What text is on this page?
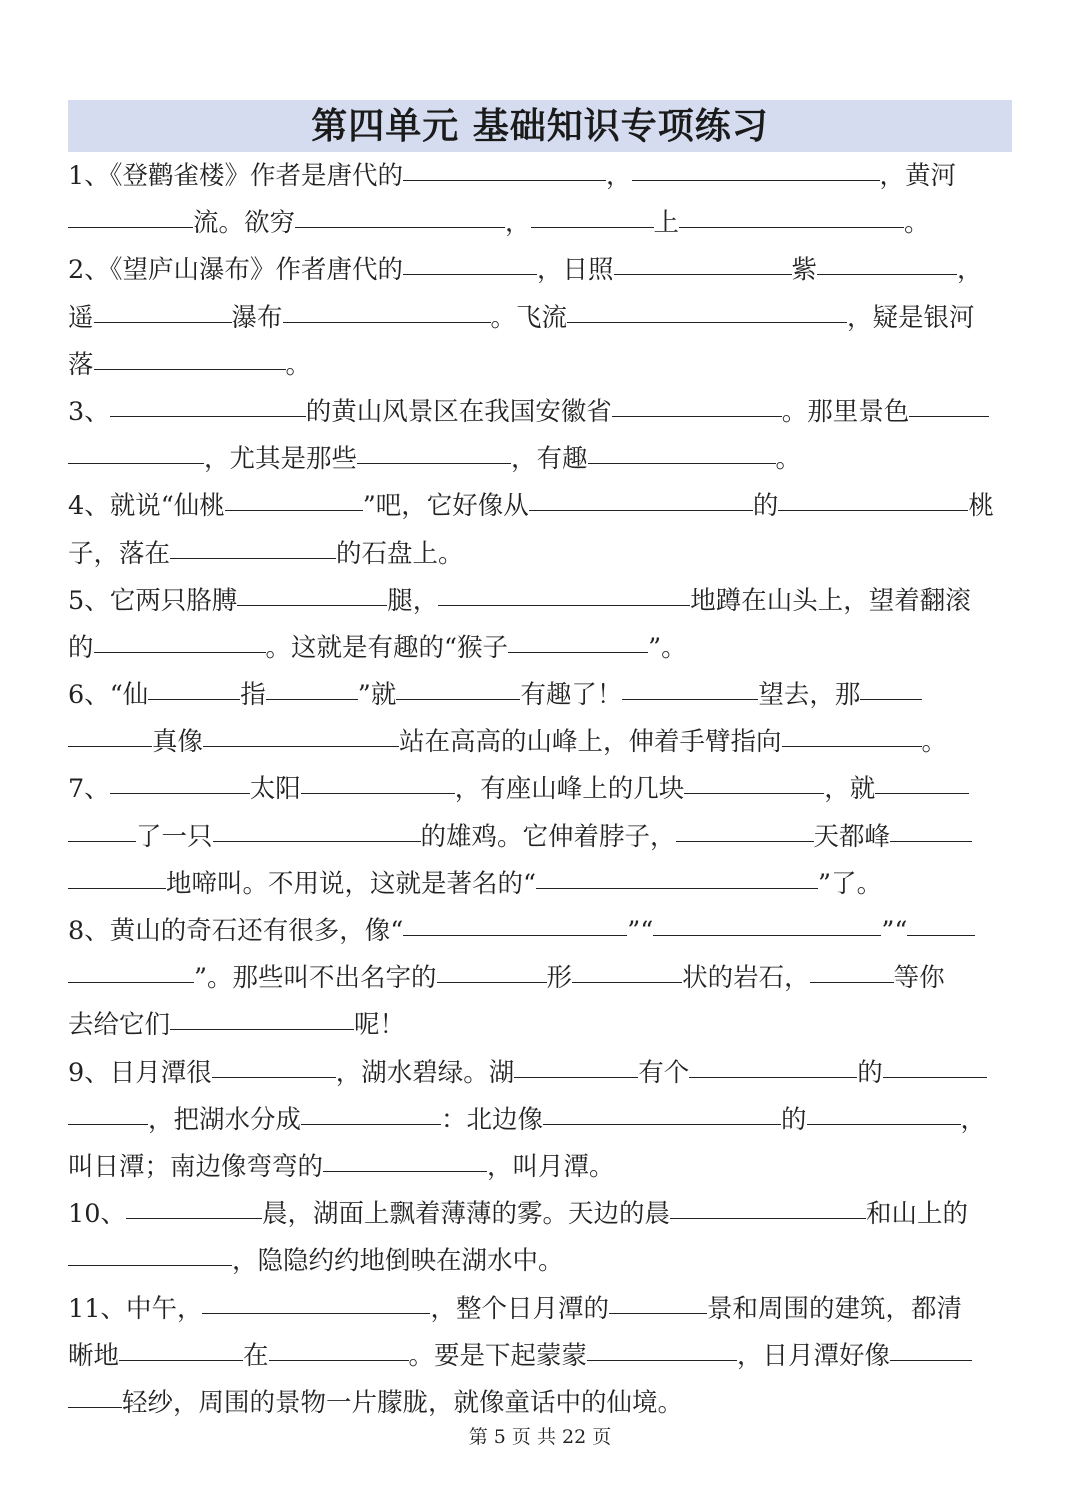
第四单元 基础知识专项练习
1、《登鹳雀楼》作者是唐代的	，	，黄河
流。欲穷	，	上	。
2、《望庐山瀑布》作者唐代的	，日照	紫	，
遥	瀑布	。飞流	，疑是银河
落	。
3、	的黄山风景区在我国安徽省	。那里景色
，尤其是那些	，有趣	。
4、就说“仙桃	”吧，它好像从	的	桃
子，落在	的石盘上。
5、它两只胳膊	腿，	地蹲在山头上，望着翻滚
的	。这就是有趣的“猴子	”。
6、“仙	指	”就	有趣了！	望去，那
真像	站在高高的山峰上，伸着手臂指向	。
7、	太阳	，有座山峰上的几块	，就
了一只	的雄鸡。它伸着脖子，	天都峰
地啼叫。不用说，这就是著名的“	”了。
8、黄山的奇石还有很多，像“	”“	”“
”。那些叫不出名字的	形	状的岩石，	等你
去给它们	呢！
9、日月潭很	，湖水碧绿。湖	有个	的
，把湖水分成	：北边像	的	，
叫日潭；南边像弯弯的	，叫月潭。
10、	晨，湖面上飘着薄薄的雾。天边的晨	和山上的
，隐隐约约地倒映在湖水中。
11、中午，	，整个日月潭的	景和周围的建筑，都清
晰地	在	。要是下起蒙蒙	，日月潭好像
轻纱，周围的景物一片朦胧，就像童话中的仙境。
第 5 页 共 22 页
